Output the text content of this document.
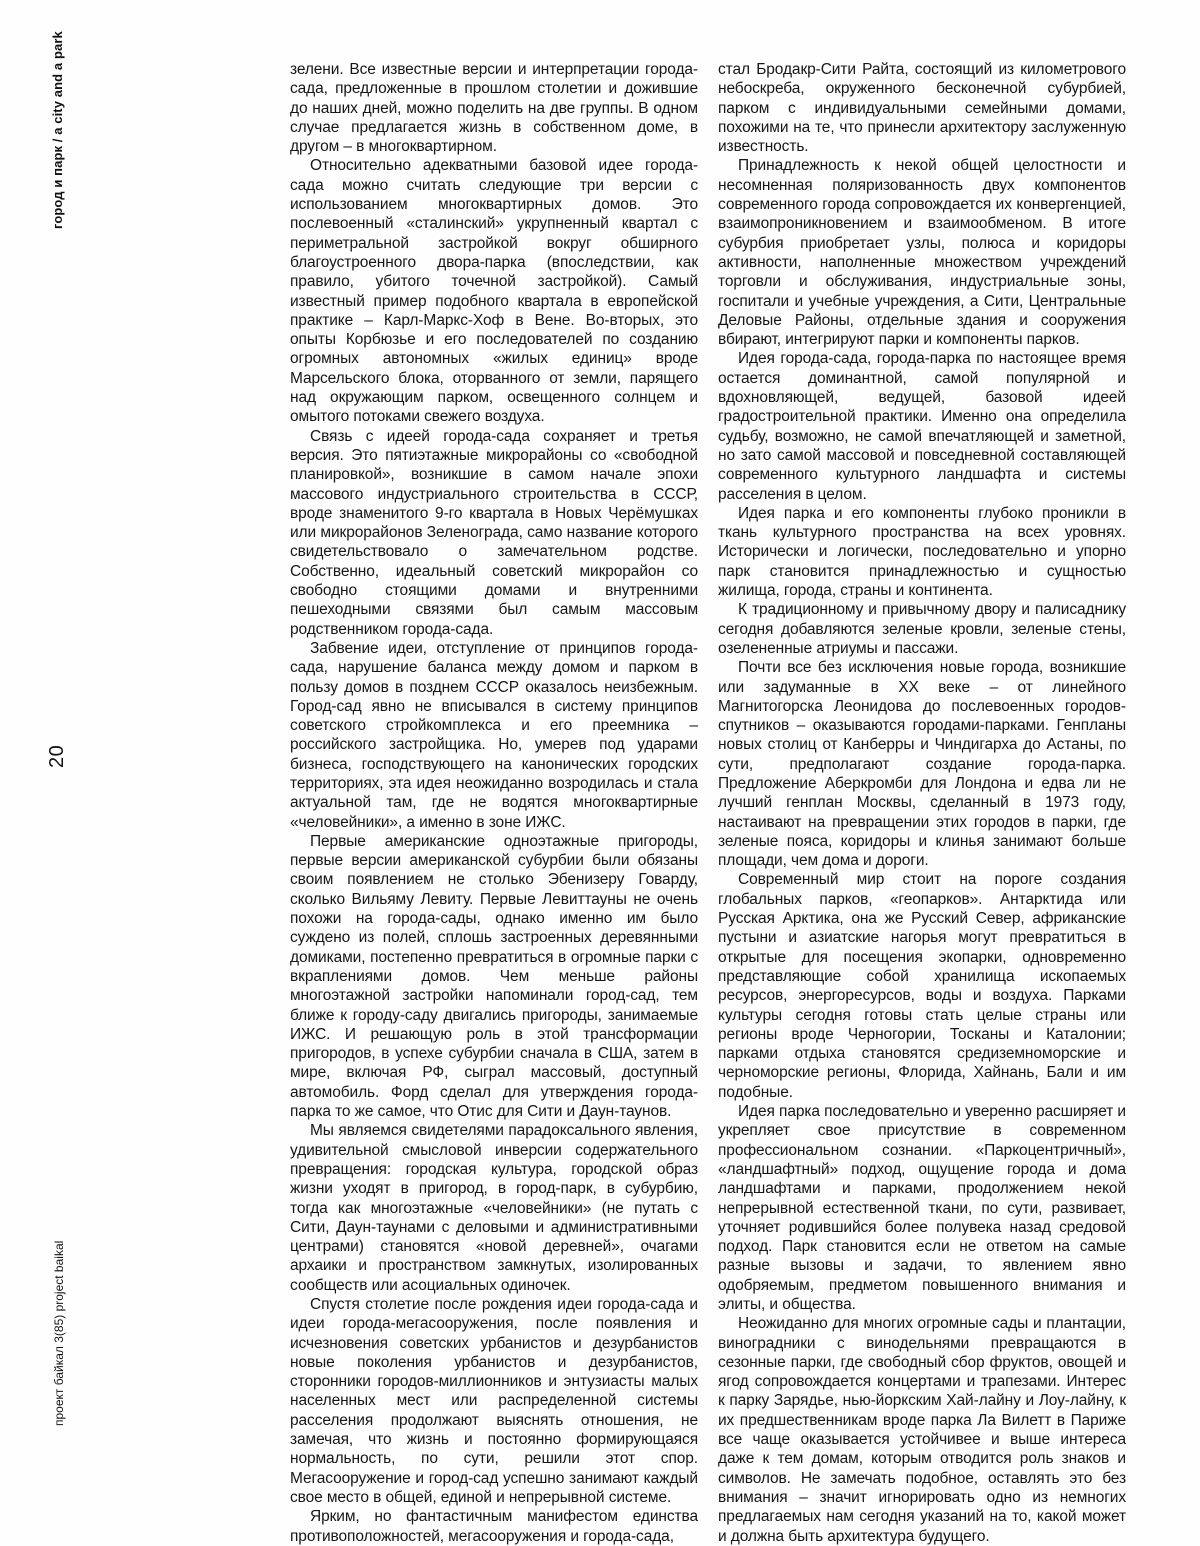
город и парк / a city and a park
20
проект байкал 3(85) project baikal

зелени. Все известные версии и интерпретации города-сада, предложенные в прошлом столетии и дожившие до наших дней, можно поделить на две группы. В одном случае предлагается жизнь в собственном доме, в другом – в многоквартирном.

Относительно адекватными базовой идее города-сада можно считать следующие три версии с использованием многоквартирных домов. Это послевоенный «сталинский» укрупненный квартал с периметральной застройкой вокруг обширного благоустроенного двора-парка (впоследствии, как правило, убитого точечной застройкой). Самый известный пример подобного квартала в европейской практике – Карл-Маркс-Хоф в Вене. Во-вторых, это опыты Корбюзье и его последователей по созданию огромных автономных «жилых единиц» вроде Марсельского блока, оторванного от земли, парящего над окружающим парком, освещенного солнцем и омытого потоками свежего воздуха.

Связь с идеей города-сада сохраняет и третья версия. Это пятиэтажные микрорайоны со «свободной планировкой», возникшие в самом начале эпохи массового индустриального строительства в СССР, вроде знаменитого 9-го квартала в Новых Черёмушках или микрорайонов Зеленограда, само название которого свидетельствовало о замечательном родстве. Собственно, идеальный советский микрорайон со свободно стоящими домами и внутренними пешеходными связями был самым массовым родственником города-сада.

Забвение идеи, отступление от принципов города-сада, нарушение баланса между домом и парком в пользу домов в позднем СССР оказалось неизбежным. Город-сад явно не вписывался в систему принципов советского стройкомплекса и его преемника – российского застройщика. Но, умерев под ударами бизнеса, господствующего на канонических городских территориях, эта идея неожиданно возродилась и стала актуальной там, где не водятся многоквартирные «человейники», а именно в зоне ИЖС.

Первые американские одноэтажные пригороды, первые версии американской субурбии были обязаны своим появлением не столько Эбенизеру Говарду, сколько Вильяму Левиту. Первые Левиттауны не очень похожи на города-сады, однако именно им было суждено из полей, сплошь застроенных деревянными домиками, постепенно превратиться в огромные парки с вкраплениями домов. Чем меньше районы многоэтажной застройки напоминали город-сад, тем ближе к городу-саду двигались пригороды, занимаемые ИЖС. И решающую роль в этой трансформации пригородов, в успехе субурбии сначала в США, затем в мире, включая РФ, сыграл массовый, доступный автомобиль. Форд сделал для утверждения города-парка то же самое, что Отис для Сити и Даун-таунов.

Мы являемся свидетелями парадоксального явления, удивительной смысловой инверсии содержательного превращения: городская культура, городской образ жизни уходят в пригород, в город-парк, в субурбию, тогда как многоэтажные «человейники» (не путать с Сити, Даун-таунами с деловыми и административными центрами) становятся «новой деревней», очагами архаики и пространством замкнутых, изолированных сообществ или асоциальных одиночек.

Спустя столетие после рождения идеи города-сада и идеи города-мегасооружения, после появления и исчезновения советских урбанистов и дезурбанистов новые поколения урбанистов и дезурбанистов, сторонники городов-миллионников и энтузиасты малых населенных мест или распределенной системы расселения продолжают выяснять отношения, не замечая, что жизнь и постоянно формирующаяся нормальность, по сути, решили этот спор. Мегасооружение и город-сад успешно занимают каждый свое место в общей, единой и непрерывной системе.

Ярким, но фантастичным манифестом единства противоположностей, мегасооружения и города-сада,

стал Бродакр-Сити Райта, состоящий из километрового небоскреба, окруженного бесконечной субурбией, парком с индивидуальными семейными домами, похожими на те, что принесли архитектору заслуженную известность.

Принадлежность к некой общей целостности и несомненная поляризованность двух компонентов современного города сопровождается их конвергенцией, взаимопроникновением и взаимообменом. В итоге субурбия приобретает узлы, полюса и коридоры активности, наполненные множеством учреждений торговли и обслуживания, индустриальные зоны, госпитали и учебные учреждения, а Сити, Центральные Деловые Районы, отдельные здания и сооружения вбирают, интегрируют парки и компоненты парков.

Идея города-сада, города-парка по настоящее время остается доминантной, самой популярной и вдохновляющей, ведущей, базовой идеей градостроительной практики. Именно она определила судьбу, возможно, не самой впечатляющей и заметной, но зато самой массовой и повседневной составляющей современного культурного ландшафта и системы расселения в целом.

Идея парка и его компоненты глубоко проникли в ткань культурного пространства на всех уровнях. Исторически и логически, последовательно и упорно парк становится принадлежностью и сущностью жилища, города, страны и континента.

К традиционному и привычному двору и палисаднику сегодня добавляются зеленые кровли, зеленые стены, озелененные атриумы и пассажи.

Почти все без исключения новые города, возникшие или задуманные в ХХ веке – от линейного Магнитогорска Леонидова до послевоенных городов-спутников – оказываются городами-парками. Генпланы новых столиц от Канберры и Чиндигарха до Астаны, по сути, предполагают создание города-парка. Предложение Аберкромби для Лондона и едва ли не лучший генплан Москвы, сделанный в 1973 году, настаивают на превращении этих городов в парки, где зеленые пояса, коридоры и клинья занимают больше площади, чем дома и дороги.

Современный мир стоит на пороге создания глобальных парков, «геопарков». Антарктида или Русская Арктика, она же Русский Север, африканские пустыни и азиатские нагорья могут превратиться в открытые для посещения экопарки, одновременно представляющие собой хранилища ископаемых ресурсов, энергоресурсов, воды и воздуха. Парками культуры сегодня готовы стать целые страны или регионы вроде Черногории, Тосканы и Каталонии; парками отдыха становятся средиземноморские и черноморские регионы, Флорида, Хайнань, Бали и им подобные.

Идея парка последовательно и уверенно расширяет и укрепляет свое присутствие в современном профессиональном сознании. «Паркоцентричный», «ландшафтный» подход, ощущение города и дома ландшафтами и парками, продолжением некой непрерывной естественной ткани, по сути, развивает, уточняет родившийся более полувека назад средовой подход. Парк становится если не ответом на самые разные вызовы и задачи, то явлением явно одобряемым, предметом повышенного внимания и элиты, и общества.

Неожиданно для многих огромные сады и плантации, виноградники с винодельнями превращаются в сезонные парки, где свободный сбор фруктов, овощей и ягод сопровождается концертами и трапезами. Интерес к парку Зарядье, нью-йоркским Хай-лайну и Лоу-лайну, к их предшественникам вроде парка Ла Вилетт в Париже все чаще оказывается устойчивее и выше интереса даже к тем домам, которым отводится роль знаков и символов. Не замечать подобное, оставлять это без внимания – значит игнорировать одно из немногих предлагаемых нам сегодня указаний на то, какой может и должна быть архитектура будущего.
